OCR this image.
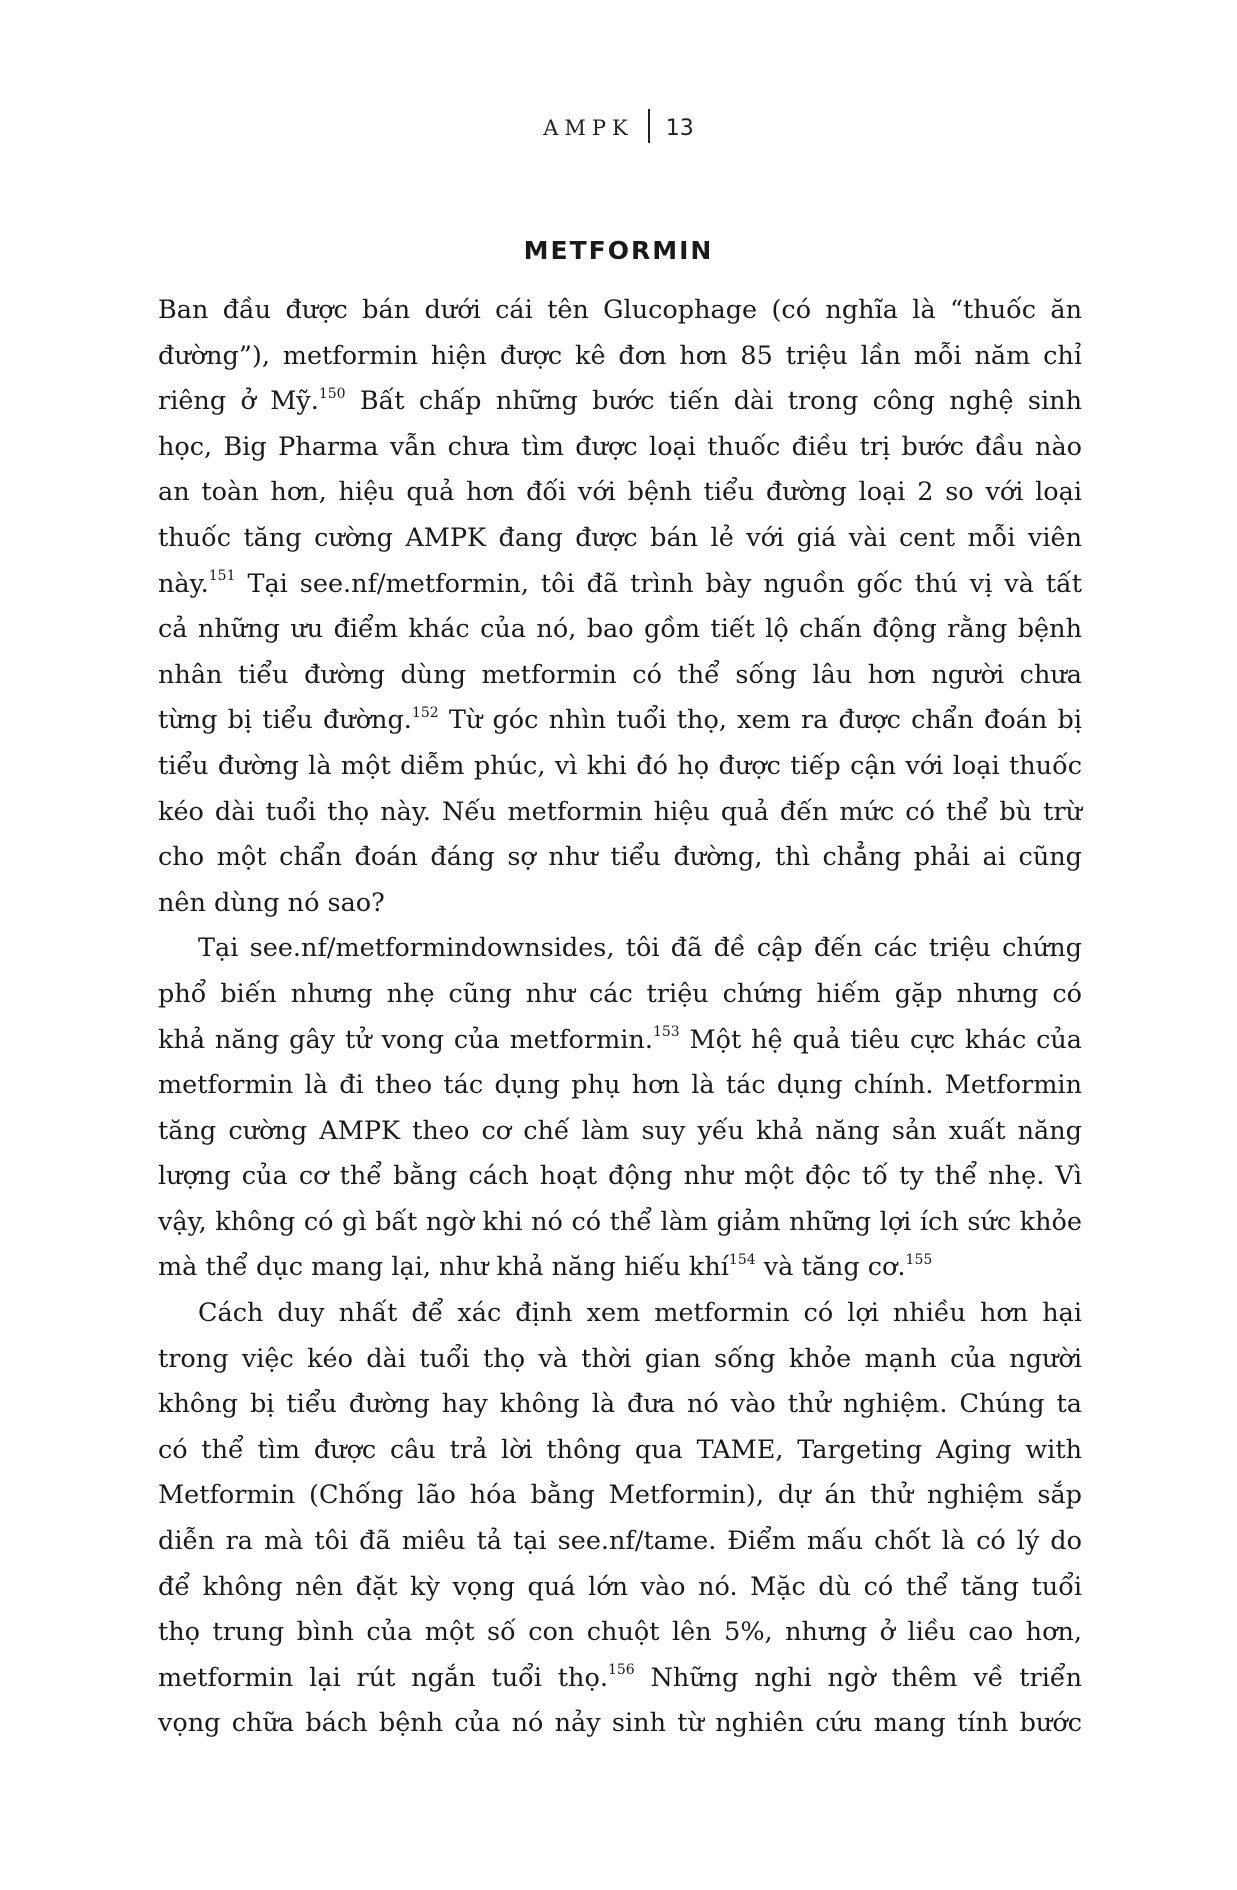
AMPK 13
METFORMIN
Ban đầu được bán dưới cái tên Glucophage (có nghĩa là “thuốc ăn
đường”), metformin hiện được kê đơn hơn 85 triệu lần mỗi năm chỉ
riêng ở Mỹ.$^{150}$ Bất chấp những bước tiến dài trong công nghệ sinh
học, Big Pharma vẫn chưa tìm được loại thuốc điều trị bước đầu nào
an toàn hơn, hiệu quả hơn đối với bệnh tiểu đường loại 2 so với loại
thuốc tăng cường AMPK đang được bán lẻ với giá vài cent mỗi viên
này.$^{151}$ Tại see.nf/metformin, tôi đã trình bày nguồn gốc thú vị và tất
cả những ưu điểm khác của nó, bao gồm tiết lộ chấn động rằng bệnh
nhân tiểu đường dùng metformin có thể sống lâu hơn người chưa
từng bị tiểu đường.$^{152}$ Từ góc nhìn tuổi thọ, xem ra được chẩn đoán bị
tiểu đường là một diễm phúc, vì khi đó họ được tiếp cận với loại thuốc
kéo dài tuổi thọ này. Nếu metformin hiệu quả đến mức có thể bù trừ
cho một chẩn đoán đáng sợ như tiểu đường, thì chẳng phải ai cũng
nên dùng nó sao?
Tại see.nf/metformindownsides, tôi đã đề cập đến các triệu chứng
phổ biến nhưng nhẹ cũng như các triệu chứng hiếm gặp nhưng có
khả năng gây tử vong của metformin.$^{153}$ Một hệ quả tiêu cực khác của
metformin là đi theo tác dụng phụ hơn là tác dụng chính. Metformin
tăng cường AMPK theo cơ chế làm suy yếu khả năng sản xuất năng
lượng của cơ thể bằng cách hoạt động như một độc tố ty thể nhẹ. Vì
vậy, không có gì bất ngờ khi nó có thể làm giảm những lợi ích sức khỏe
mà thể dục mang lại, như khả năng hiếu khí$^{154}$ và tăng cơ.$^{155}$
Cách duy nhất để xác định xem metformin có lợi nhiều hơn hại
trong việc kéo dài tuổi thọ và thời gian sống khỏe mạnh của người
không bị tiểu đường hay không là đưa nó vào thử nghiệm. Chúng ta
có thể tìm được câu trả lời thông qua TAME, Targeting Aging with
Metformin (Chống lão hóa bằng Metformin), dự án thử nghiệm sắp
diễn ra mà tôi đã miêu tả tại see.nf/tame. Điểm mấu chốt là có lý do
để không nên đặt kỳ vọng quá lớn vào nó. Mặc dù có thể tăng tuổi
thọ trung bình của một số con chuột lên 5%, nhưng ở liều cao hơn,
metformin lại rút ngắn tuổi thọ.$^{156}$ Những nghi ngờ thêm về triển
vọng chữa bách bệnh của nó nảy sinh từ nghiên cứu mang tính bước
